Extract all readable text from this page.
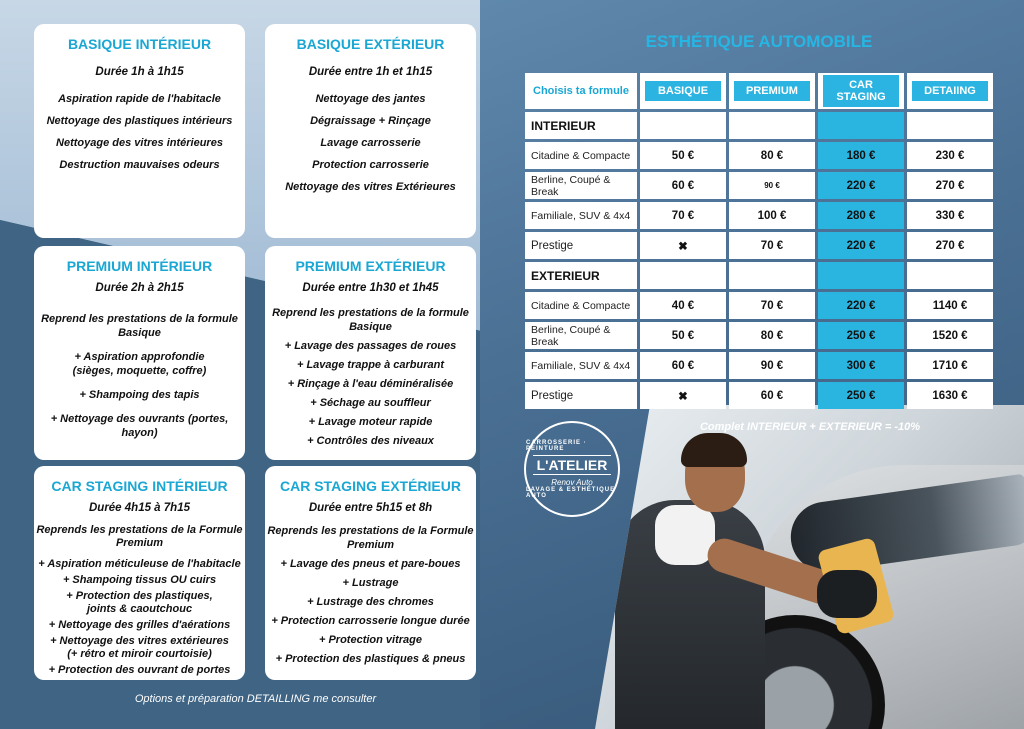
BASIQUE INTÉRIEUR
Durée 1h à 1h15
Aspiration rapide de l'habitacle
Nettoyage des plastiques intérieurs
Nettoyage des vitres intérieures
Destruction mauvaises odeurs
BASIQUE EXTÉRIEUR
Durée entre 1h et 1h15
Nettoyage des jantes
Dégraissage + Rinçage
Lavage carrosserie
Protection carrosserie
Nettoyage des vitres Extérieures
PREMIUM INTÉRIEUR
Durée 2h à 2h15
Reprend les prestations de la formule Basique
+ Aspiration approfondie
(sièges, moquette, coffre)
+ Shampoing des tapis
+ Nettoyage des ouvrants (portes, hayon)
PREMIUM EXTÉRIEUR
Durée entre 1h30 et 1h45
Reprend les prestations de la formule Basique
+ Lavage des passages de roues
+ Lavage trappe à carburant
+ Rinçage à l'eau déminéralisée
+ Séchage au souffleur
+ Lavage moteur rapide
+ Contrôles des niveaux
CAR STAGING INTÉRIEUR
Durée 4h15 à 7h15
Reprends les prestations de la Formule Premium
+ Aspiration méticuleuse de l'habitacle
+ Shampoing tissus OU cuirs
+ Protection des plastiques,
joints & caoutchouc
+ Nettoyage des grilles d'aérations
+ Nettoyage des vitres extérieures
(+ rétro et miroir courtoisie)
+ Protection des ouvrant de portes
CAR STAGING EXTÉRIEUR
Durée entre 5h15 et 8h
Reprends les prestations de la Formule Premium
+ Lavage des pneus et pare-boues
+ Lustrage
+ Lustrage des chromes
+ Protection carrosserie longue durée
+ Protection vitrage
+ Protection des plastiques & pneus
Options et préparation DETAILLING me consulter
ESTHÉTIQUE AUTOMOBILE
Choisis ta formule	BASIQUE	PREMIUM	CAR STAGING	DETAIING
INTERIEUR				
Citadine & Compacte	50 €	80 €	180 €	230 €
Berline, Coupé & Break	60 €	90 €	220 €	270 €
Familiale, SUV & 4x4	70 €	100 €	280 €	330 €
Prestige	✖	70 €	220 €	270 €
EXTERIEUR				
Citadine & Compacte	40 €	70 €	220 €	1140 €
Berline, Coupé & Break	50 €	80 €	250 €	1520 €
Familiale, SUV & 4x4	60 €	90 €	300 €	1710 €
Prestige	✖	60 €	250 €	1630 €
Complet INTERIEUR + EXTERIEUR = -10%
CARROSSERIE · PEINTURE
L'ATELIER
Renov Auto
LAVAGE & ESTHÉTIQUE AUTO
